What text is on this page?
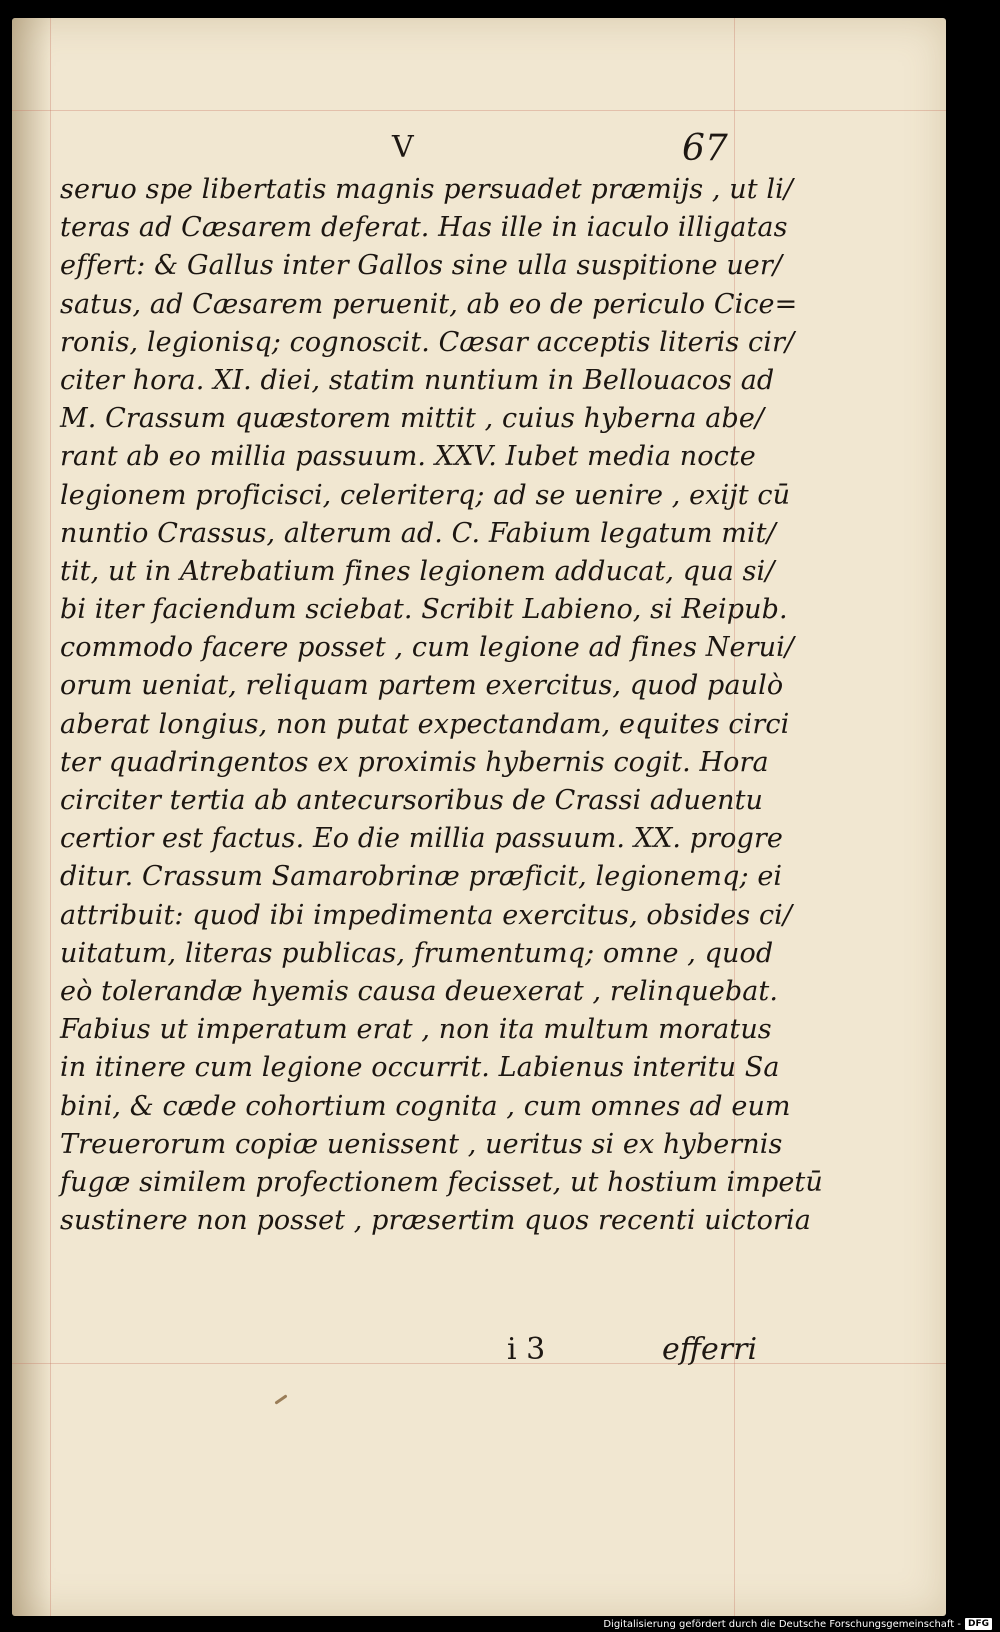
V	67
seruo spe libertatis magnis persuadet præmijs , ut li/
teras ad Cæsarem deferat. Has ille in iaculo illigatas
effert: & Gallus inter Gallos sine ulla suspitione uer/
satus, ad Cæsarem peruenit, ab eo de periculo Cice=
ronis, legionisq; cognoscit. Cæsar acceptis literis cir/
citer hora. XI. diei, statim nuntium in Bellouacos ad
M. Crassum quæstorem mittit , cuius hyberna abe/
rant ab eo millia passuum. XXV. Iubet media nocte
legionem proficisci, celeriterq; ad se uenire , exijt cū
nuntio Crassus, alterum ad. C. Fabium legatum mit/
tit, ut in Atrebatium fines legionem adducat, qua si/
bi iter faciendum sciebat. Scribit Labieno, si Reipub.
commodo facere posset , cum legione ad fines Nerui/
orum ueniat, reliquam partem exercitus, quod paulò
aberat longius, non putat expectandam, equites circi
ter quadringentos ex proximis hybernis cogit. Hora
circiter tertia ab antecursoribus de Crassi aduentu
certior est factus. Eo die millia passuum. XX. progre
ditur. Crassum Samarobrinæ præficit, legionemq; ei
attribuit: quod ibi impedimenta exercitus, obsides ci/
uitatum, literas publicas, frumentumq; omne , quod
eò tolerandæ hyemis causa deuexerat , relinquebat.
Fabius ut imperatum erat , non ita multum moratus
in itinere cum legione occurrit. Labienus interitu Sa
bini, & cæde cohortium cognita , cum omnes ad eum
Treuerorum copiæ uenissent , ueritus si ex hybernis
fugæ similem profectionem fecisset, ut hostium impetū
sustinere non posset , præsertim quos recenti uictoria
i 3	efferri
Digitalisierung gefördert durch die Deutsche Forschungsgemeinschaft - DFG
